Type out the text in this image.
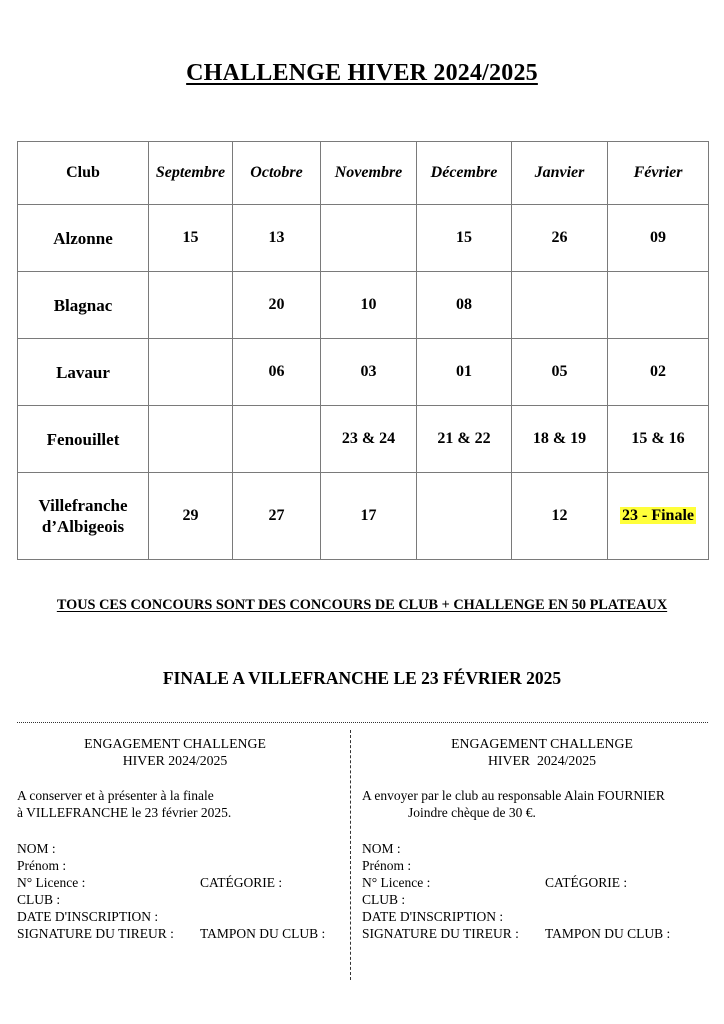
CHALLENGE HIVER 2024/2025
Club	Septembre	Octobre	Novembre	Décembre	Janvier	Février
Alzonne	15	13		15	26	09
Blagnac		20	10	08		
Lavaur		06	03	01	05	02
Fenouillet			23 & 24	21 & 22	18 & 19	15 & 16

Villefranche
d’Albigeois	29	27	17		12	23 - Finale
TOUS CES CONCOURS SONT DES CONCOURS DE CLUB + CHALLENGE EN 50 PLATEAUX
FINALE A VILLEFRANCHE LE 23 FÉVRIER 2025
ENGAGEMENT CHALLENGE
HIVER 2024/2025
A conserver et à présenter à la finale
à VILLEFRANCHE le 23 février 2025.
NOM :
Prénom :
N° Licence :	CATÉGORIE :
CLUB :
DATE D'INSCRIPTION :
SIGNATURE DU TIREUR : TAMPON DU CLUB :
ENGAGEMENT CHALLENGE
HIVER  2024/2025
A envoyer par le club au responsable Alain FOURNIER
Joindre chèque de 30 €.
NOM :
Prénom :
N° Licence :	CATÉGORIE :
CLUB :
DATE D'INSCRIPTION :
SIGNATURE DU TIREUR : TAMPON DU CLUB :
